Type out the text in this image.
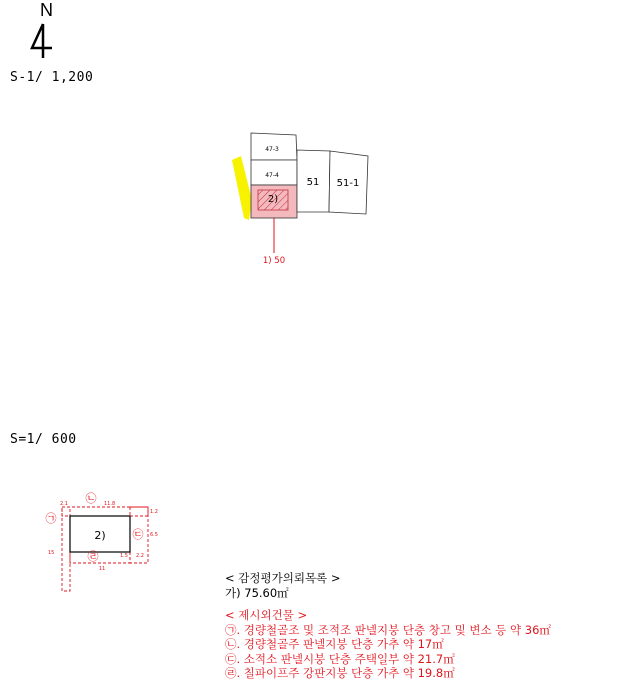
N
S-1/ 1,200
47-3
47-4
51 51-1
2)
1) 50
S=1/ 600
2)
㉠
㉡
㉢
㉣
2.1	11.8
1.2
6.5
1.5 2.2
11
15
< 감정평가의뢰목록 >
가) 75.60㎡
< 제시외건물 >
㉠. 경량철골조 및 조적조 판넬지붕 단층 창고 및 변소 등 약 36㎡
㉡. 경량철골주 판넬지붕 단층 가추 약 17㎡
㉢. 소적소 판넬시붕 단층 주택일부 약 21.7㎡
㉣. 칠파이프주 강판지붕 단층 가추 약 19.8㎡
